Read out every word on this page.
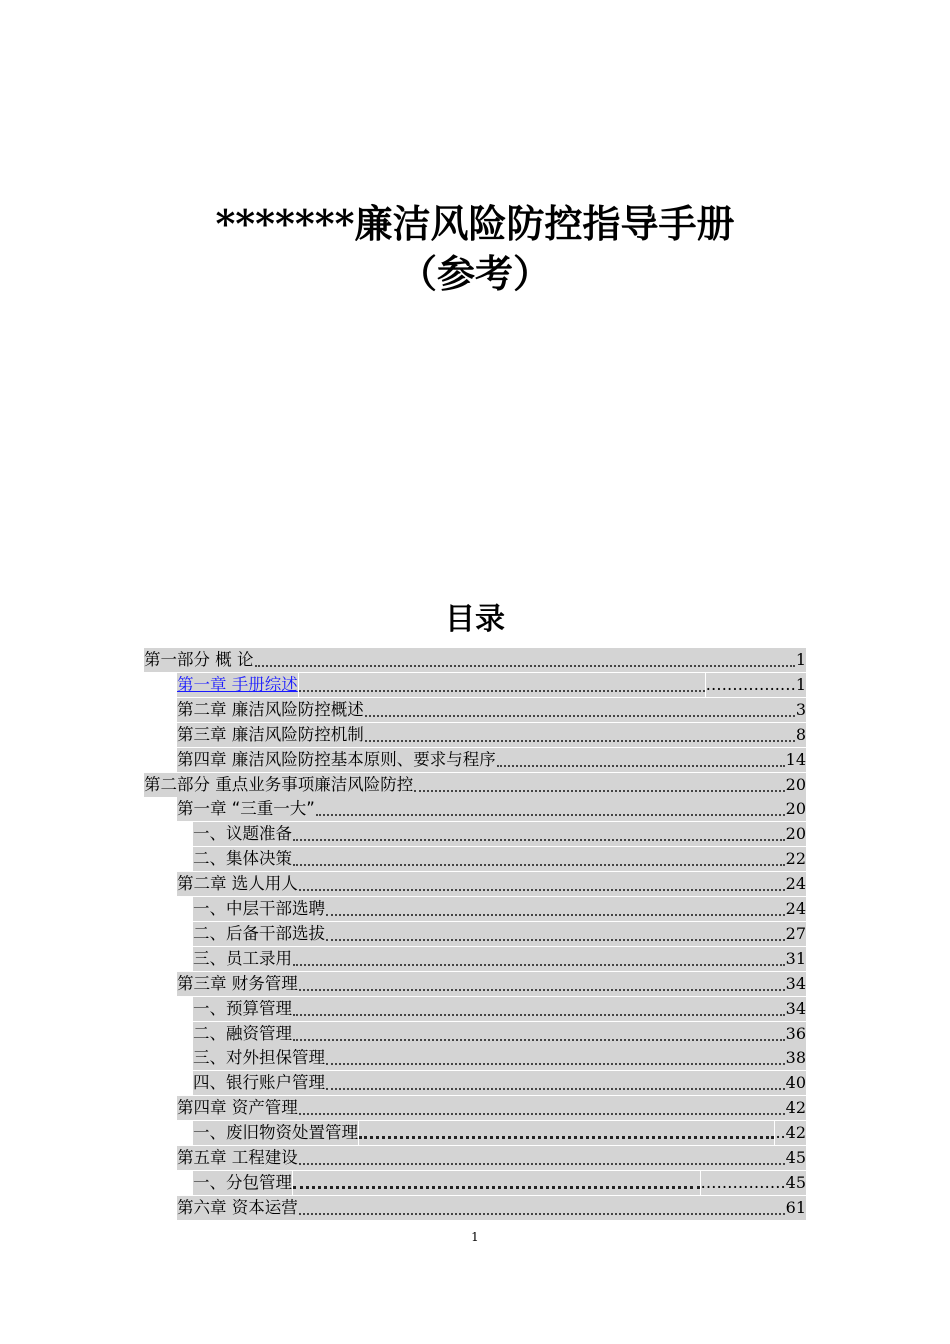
*******廉洁风险防控指导手册
（参考）
目录
第一部分 概 论	1
第一章 手册综述	…………..…1
第二章 廉洁风险防控概述	3
第三章 廉洁风险防控机制	8
第四章 廉洁风险防控基本原则、要求与程序	14
第二部分 重点业务事项廉洁风险防控	20
第一章 “三重一大”	20
一、议题准备	20
二、集体决策	22
第二章 选人用人	24
一、中层干部选聘	24
二、后备干部选拔	27
三、员工录用	31
第三章 财务管理	34
一、预算管理	34
二、融资管理	36
三、对外担保管理	38
四、银行账户管理	40
第四章 资产管理	42
一、废旧物资处置管理	..42
第五章 工程建设	45
一、分包管理	…………….45
第六章 资本运营	61
1
